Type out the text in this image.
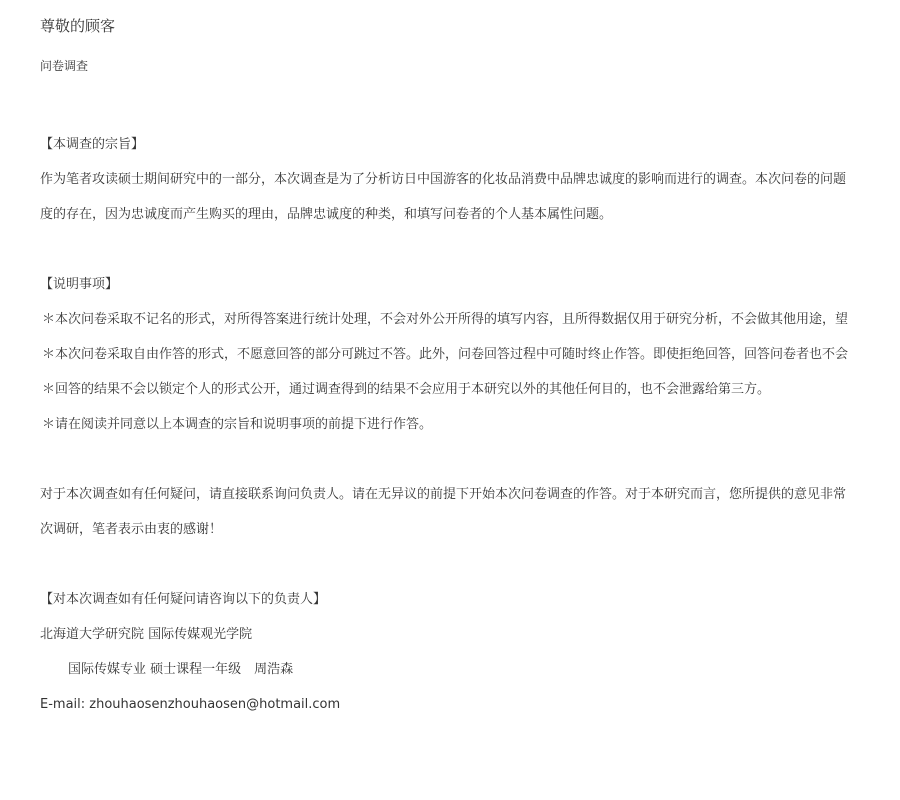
尊敬的顾客
问卷调查
【本调查的宗旨】
作为笔者攻读硕士期间研究中的一部分，本次调查是为了分析访日中国游客的化妆品消费中品牌忠诚度的影响而进行的调查。本次问卷的问题
度的存在，因为忠诚度而产生购买的理由，品牌忠诚度的种类，和填写问卷者的个人基本属性问题。
【说明事项】
＊本次问卷采取不记名的形式，对所得答案进行统计处理，不会对外公开所得的填写内容，且所得数据仅用于研究分析，不会做其他用途，望
＊本次问卷采取自由作答的形式，不愿意回答的部分可跳过不答。此外，问卷回答过程中可随时终止作答。即使拒绝回答，回答问卷者也不会
＊回答的结果不会以锁定个人的形式公开，通过调查得到的结果不会应用于本研究以外的其他任何目的，也不会泄露给第三方。
＊请在阅读并同意以上本调查的宗旨和说明事项的前提下进行作答。
对于本次调查如有任何疑问，请直接联系询问负责人。请在无异议的前提下开始本次问卷调查的作答。对于本研究而言，您所提供的意见非常
次调研，笔者表示由衷的感谢！
【对本次调查如有任何疑问请咨询以下的负责人】
北海道大学研究院 国际传媒观光学院
国际传媒专业 硕士课程一年级　周浩森
E-mail: zhouhaosenzhouhaosen@hotmail.com
